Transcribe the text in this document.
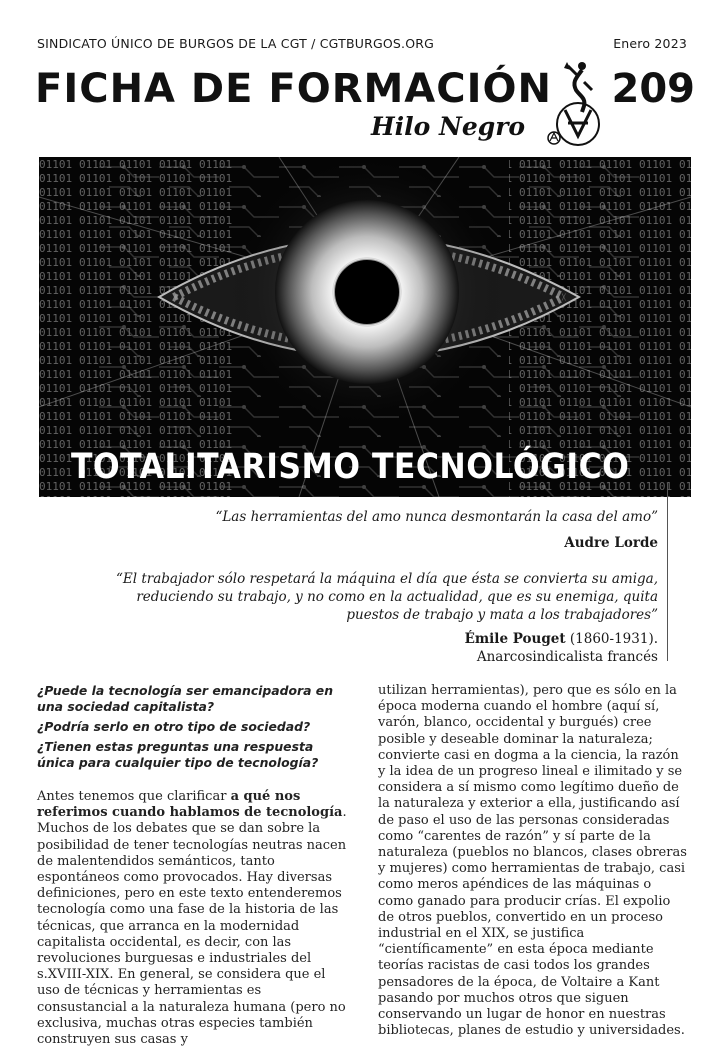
SINDICATO ÚNICO DE BURGOS DE LA CGT / CGTBURGOS.ORG	Enero 2023
FICHA DE FORMACIÓN
Hilo Negro
209
TOTALITARISMO TECNOLÓGICO
“Las herramientas del amo nunca desmontarán la casa del amo”
Audre Lorde
“El trabajador sólo respetará la máquina el día que ésta se convierta su amiga, reduciendo su trabajo, y no como en la actualidad, que es su enemiga, quita puestos de trabajo y mata a los trabajadores”
Émile Pouget (1860-1931).
Anarcosindicalista francés

¿Puede la tecnología ser emancipadora en una sociedad capitalista?

¿Podría serlo en otro tipo de sociedad?

¿Tienen estas preguntas una respuesta única para cualquier tipo de tecnología?

Antes tenemos que clarificar a qué nos referimos cuando hablamos de tecnología. Muchos de los debates que se dan sobre la posibilidad de tener tecnologías neutras nacen de malentendidos semánticos, tanto espontáneos como provocados. Hay diversas definiciones, pero en este texto entenderemos tecnología como una fase de la historia de las técnicas, que arranca en la modernidad capitalista occidental, es decir, con las revoluciones burguesas e industriales del s.XVIII-XIX. En general, se considera que el uso de técnicas y herramientas es consustancial a la naturaleza humana (pero no exclusiva, muchas otras especies también construyen sus casas y
utilizan herramientas), pero que es sólo en la época moderna cuando el hombre (aquí sí, varón, blanco, occidental y burgués) cree posible y deseable dominar la naturaleza; convierte casi en dogma a la ciencia, la razón y la idea de un progreso lineal e ilimitado y se considera a sí mismo como legítimo dueño de la naturaleza y exterior a ella, justificando así de paso el uso de las personas consideradas como “carentes de razón” y sí parte de la naturaleza (pueblos no blancos, clases obreras y mujeres) como herramientas de trabajo, casi como meros apéndices de las máquinas o como ganado para producir crías. El expolio de otros pueblos, convertido en un proceso industrial en el XIX, se justifica “científicamente” en esta época mediante teorías racistas de casi todos los grandes pensadores de la época, de Voltaire a Kant pasando por muchos otros que siguen conservando un lugar de honor en nuestras bibliotecas, planes de estudio y universidades.
